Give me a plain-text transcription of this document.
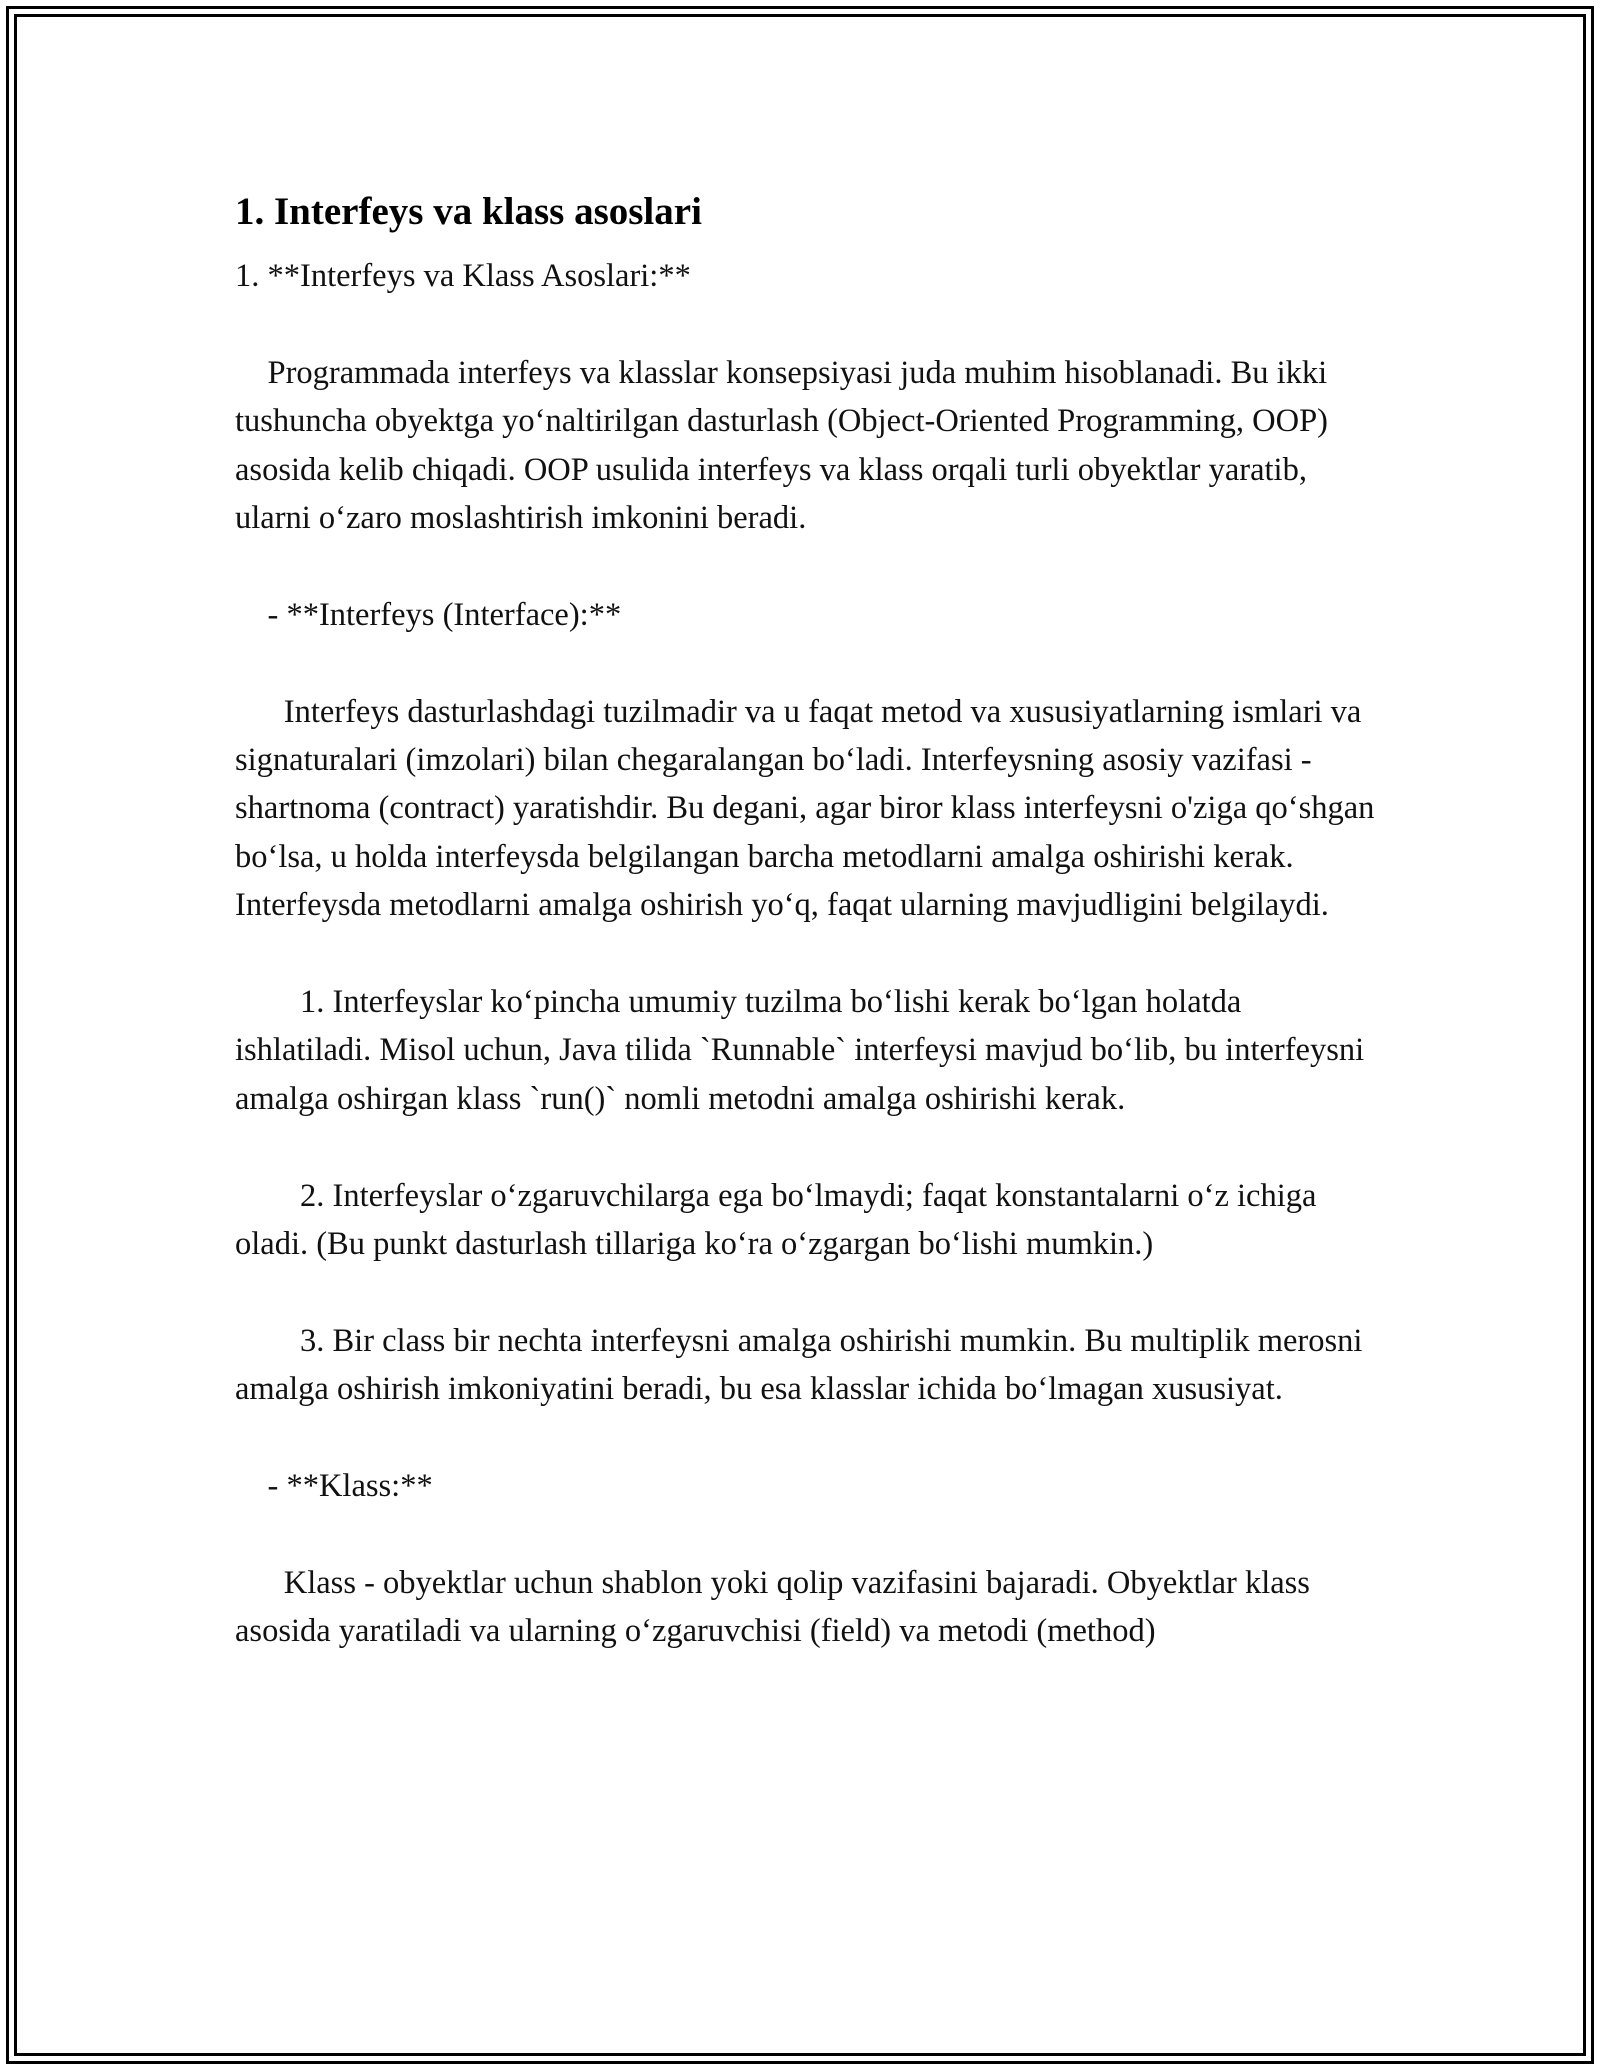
1. Interfeys va klass asoslari

1. **Interfeys va Klass Asoslari:**

Programmada interfeys va klasslar konsepsiyasi juda muhim hisoblanadi. Bu ikki tushuncha obyektga yoʻnaltirilgan dasturlash (Object-Oriented Programming, OOP) asosida kelib chiqadi. OOP usulida interfeys va klass orqali turli obyektlar yaratib, ularni oʻzaro moslashtirish imkonini beradi.

- **Interfeys (Interface):**

Interfeys dasturlashdagi tuzilmadir va u faqat metod va xususiyatlarning ismlari va signaturalari (imzolari) bilan chegaralangan boʻladi. Interfeysning asosiy vazifasi - shartnoma (contract) yaratishdir. Bu degani, agar biror klass interfeysni o'ziga qoʻshgan boʻlsa, u holda interfeysda belgilangan barcha metodlarni amalga oshirishi kerak. Interfeysda metodlarni amalga oshirish yoʻq, faqat ularning mavjudligini belgilaydi.

1. Interfeyslar koʻpincha umumiy tuzilma boʻlishi kerak boʻlgan holatda ishlatiladi. Misol uchun, Java tilida `Runnable` interfeysi mavjud boʻlib, bu interfeysni amalga oshirgan klass `run()` nomli metodni amalga oshirishi kerak.

2. Interfeyslar oʻzgaruvchilarga ega boʻlmaydi; faqat konstantalarni oʻz ichiga oladi. (Bu punkt dasturlash tillariga koʻra oʻzgargan boʻlishi mumkin.)

3. Bir class bir nechta interfeysni amalga oshirishi mumkin. Bu multiplik merosni amalga oshirish imkoniyatini beradi, bu esa klasslar ichida boʻlmagan xususiyat.

- **Klass:**

Klass - obyektlar uchun shablon yoki qolip vazifasini bajaradi. Obyektlar klass asosida yaratiladi va ularning oʻzgaruvchisi (field) va metodi (method)
